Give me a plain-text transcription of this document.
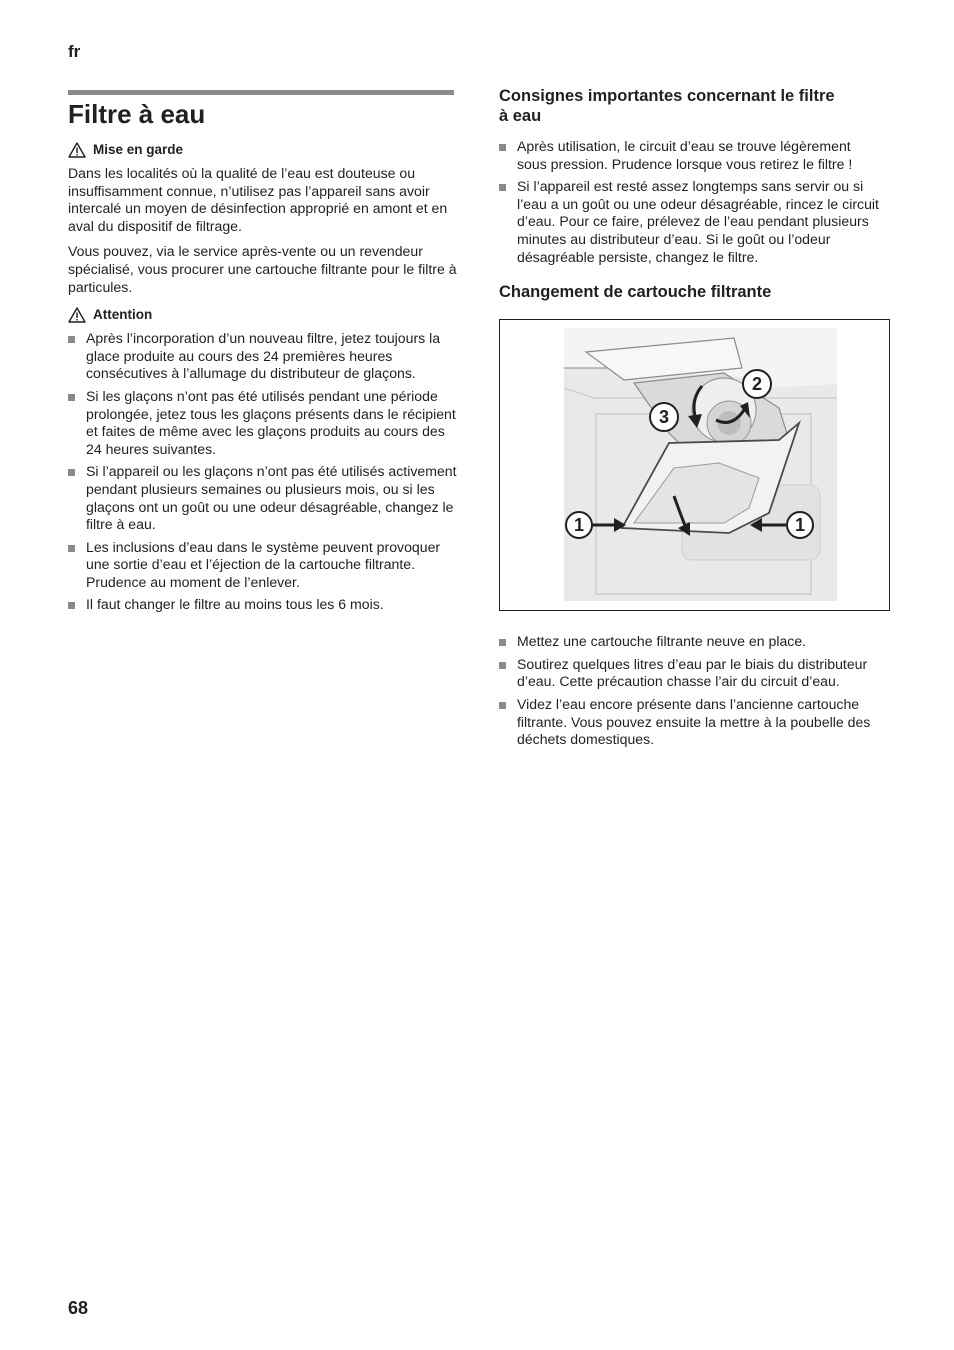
fr
Filtre à eau
Mise en garde

Dans les localités où la qualité de l’eau est douteuse ou insuffisamment connue, n’utilisez pas l’appareil sans avoir intercalé un moyen de désinfection approprié en amont et en aval du dispositif de filtrage.

Vous pouvez, via le service après-vente ou un revendeur spécialisé, vous procurer une cartouche filtrante pour le filtre à particules.

Attention
Après l’incorporation d’un nouveau filtre, jetez toujours la glace produite au cours des 24 premières heures consécutives à l’allumage du distributeur de glaçons.
Si les glaçons n’ont pas été utilisés pendant une période prolongée, jetez tous les glaçons présents dans le récipient et faites de même avec les glaçons produits au cours des 24 heures suivantes.
Si l’appareil ou les glaçons n’ont pas été utilisés activement pendant plusieurs semaines ou plusieurs mois, ou si les glaçons ont un goût ou une odeur désagréable, changez le filtre à eau.
Les inclusions d’eau dans le système peuvent provoquer une sortie d’eau et l’éjection de la cartouche filtrante. Prudence au moment de l’enlever.
Il faut changer le filtre au moins tous les 6 mois.
Consignes importantes concernant le filtre à eau
Après utilisation, le circuit d’eau se trouve légèrement sous pression. Prudence lorsque vous retirez le filtre !
Si l’appareil est resté assez longtemps sans servir ou si l’eau a un goût ou une odeur désagréable, rincez le circuit d’eau. Pour ce faire, prélevez de l’eau pendant plusieurs minutes au distributeur d’eau. Si le goût ou l’odeur désagréable persiste, changez le filtre.
Changement de cartouche filtrante
1	1
2
3
Mettez une cartouche filtrante neuve en place.
Soutirez quelques litres d’eau par le biais du distributeur d’eau. Cette précaution chasse l’air du circuit d’eau.
Videz l’eau encore présente dans l’ancienne cartouche filtrante. Vous pouvez ensuite la mettre à la poubelle des déchets domestiques.
68
